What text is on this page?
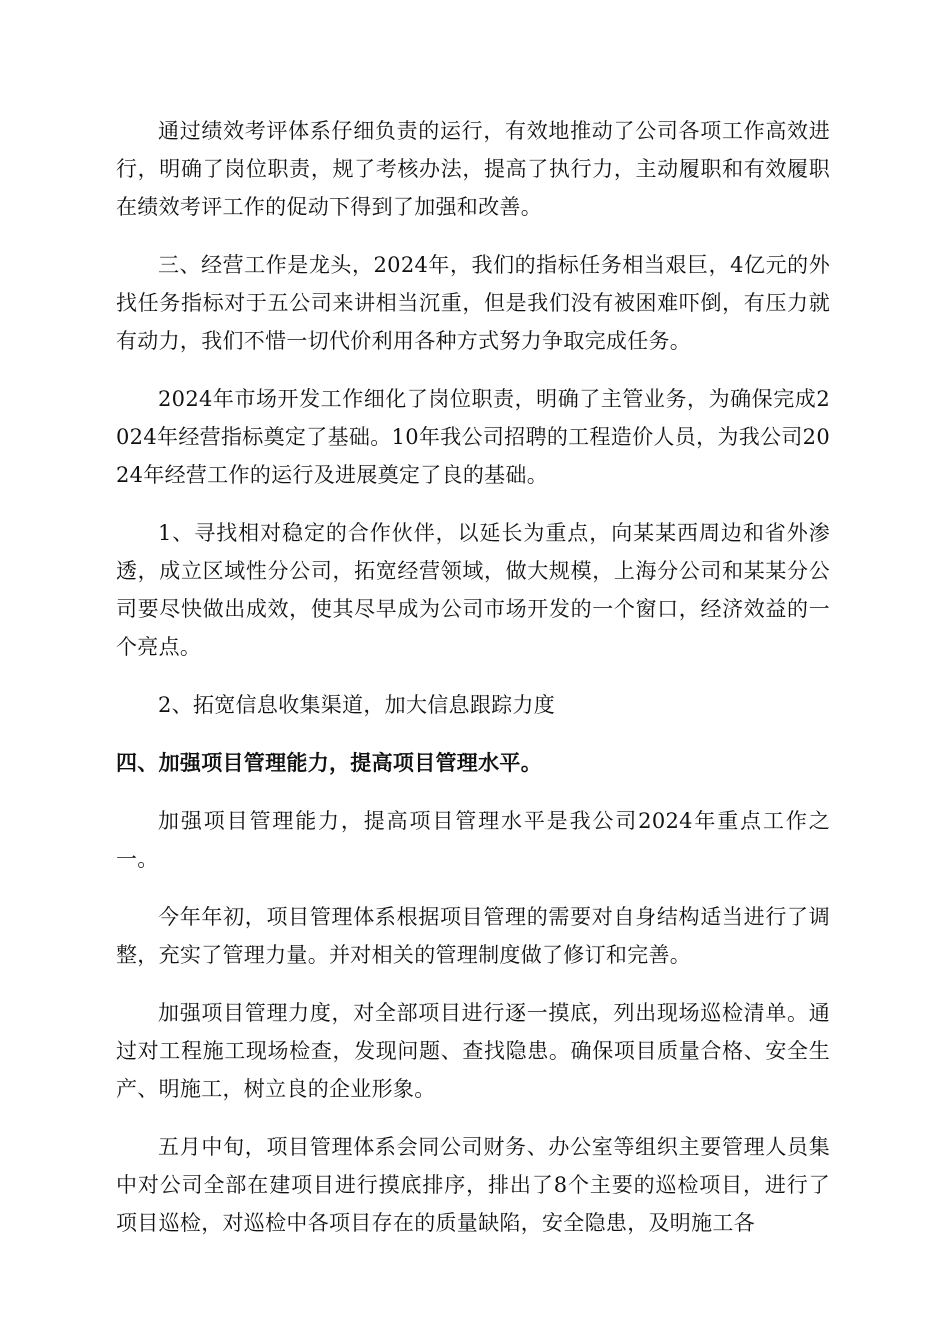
通过绩效考评体系仔细负责的运行，有效地推动了公司各项工作高效进行，明确了岗位职责，规了考核办法，提高了执行力，主动履职和有效履职在绩效考评工作的促动下得到了加强和改善。

三、经营工作是龙头，2024年，我们的指标任务相当艰巨，4亿元的外找任务指标对于五公司来讲相当沉重，但是我们没有被困难吓倒，有压力就有动力，我们不惜一切代价利用各种方式努力争取完成任务。

2024年市场开发工作细化了岗位职责，明确了主管业务，为确保完成2024年经营指标奠定了基础。10年我公司招聘的工程造价人员，为我公司2024年经营工作的运行及进展奠定了良的基础。

1、寻找相对稳定的合作伙伴，以延长为重点，向某某西周边和省外渗透，成立区域性分公司，拓宽经营领域，做大规模，上海分公司和某某分公司要尽快做出成效，使其尽早成为公司市场开发的一个窗口，经济效益的一个亮点。

2、拓宽信息收集渠道，加大信息跟踪力度

四、加强项目管理能力，提高项目管理水平。

加强项目管理能力，提高项目管理水平是我公司2024年重点工作之一。

今年年初，项目管理体系根据项目管理的需要对自身结构适当进行了调整，充实了管理力量。并对相关的管理制度做了修订和完善。

加强项目管理力度，对全部项目进行逐一摸底，列出现场巡检清单。通过对工程施工现场检查，发现问题、查找隐患。确保项目质量合格、安全生产、明施工，树立良的企业形象。

五月中旬，项目管理体系会同公司财务、办公室等组织主要管理人员集中对公司全部在建项目进行摸底排序，排出了8个主要的巡检项目，进行了项目巡检，对巡检中各项目存在的质量缺陷，安全隐患，及明施工各
